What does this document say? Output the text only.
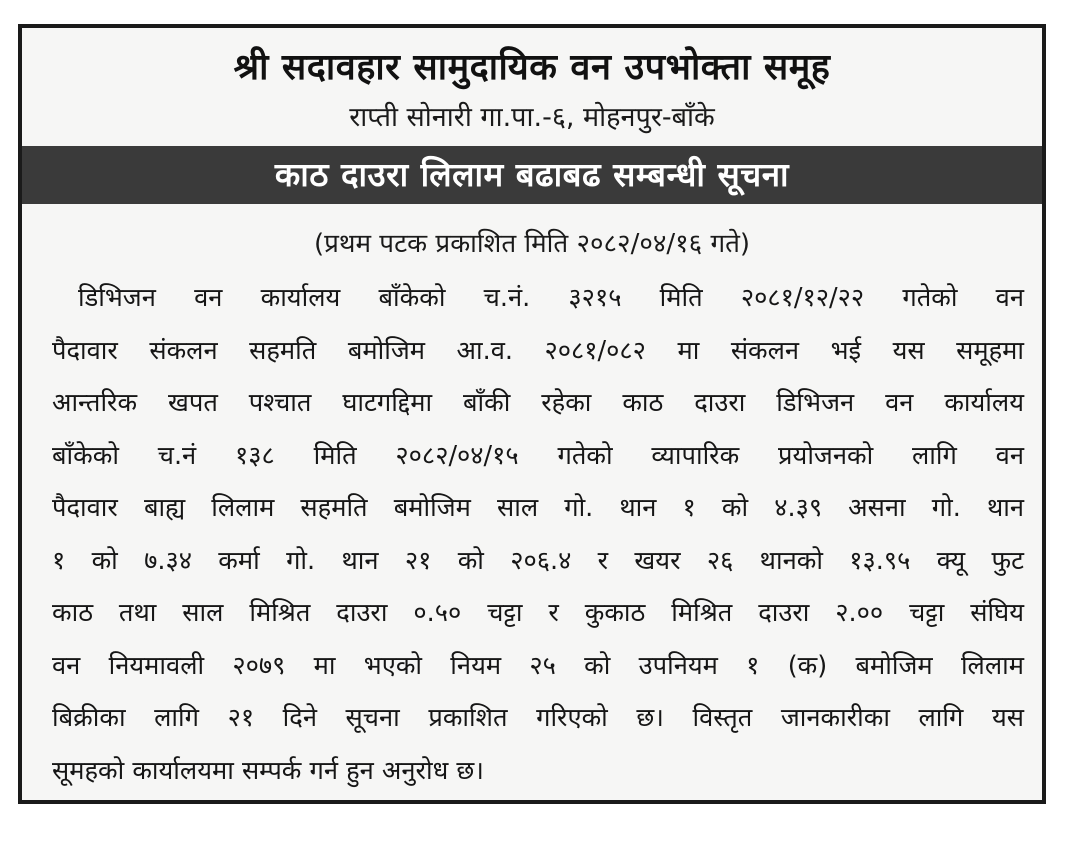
श्री सदावहार सामुदायिक वन उपभोक्ता समूह
राप्ती सोनारी गा.पा.-६, मोहनपुर-बाँके
काठ दाउरा लिलाम बढाबढ सम्बन्धी सूचना
(प्रथम पटक प्रकाशित मिति २०८२/०४/१६ गते)
डिभिजन वन कार्यालय बाँकेको च.नं. ३२१५ मिति २०८१/१२/२२ गतेको वन
पैदावार संकलन सहमति बमोजिम आ.व. २०८१/०८२ मा संकलन भई यस समूहमा
आन्तरिक खपत पश्चात घाटगद्दिमा बाँकी रहेका काठ दाउरा डिभिजन वन कार्यालय
बाँकेको च.नं १३८ मिति २०८२/०४/१५ गतेको व्यापारिक प्रयोजनको लागि वन
पैदावार बाह्य लिलाम सहमति बमोजिम साल गो. थान १ को ४.३९ असना गो. थान
१ को ७.३४ कर्मा गो. थान २१ को २०६.४ र खयर २६ थानको १३.९५ क्यू फुट
काठ तथा साल मिश्रित दाउरा ०.५० चट्टा र कुकाठ मिश्रित दाउरा २.०० चट्टा संघिय
वन नियमावली २०७९ मा भएको नियम २५ को उपनियम १ (क) बमोजिम लिलाम
बिक्रीका लागि २१ दिने सूचना प्रकाशित गरिएको छ। विस्तृत जानकारीका लागि यस
सूमहको कार्यालयमा सम्पर्क गर्न हुन अनुरोध छ।
